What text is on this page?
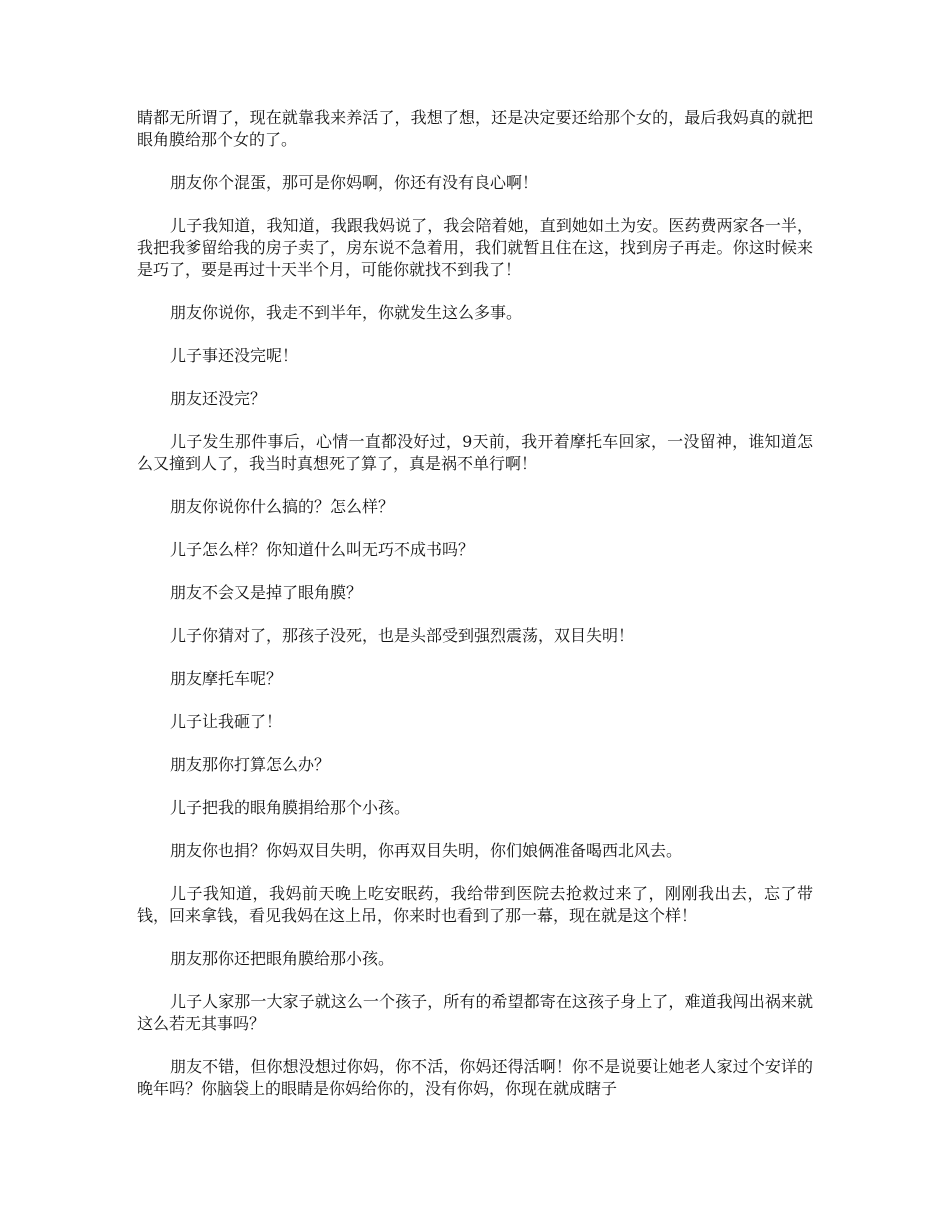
睛都无所谓了，现在就靠我来养活了，我想了想，还是决定要还给那个女的，最后我妈真的就把眼角膜给那个女的了。

朋友你个混蛋，那可是你妈啊，你还有没有良心啊！

儿子我知道，我知道，我跟我妈说了，我会陪着她，直到她如土为安。医药费两家各一半，我把我爹留给我的房子卖了，房东说不急着用，我们就暂且住在这，找到房子再走。你这时候来是巧了，要是再过十天半个月，可能你就找不到我了！

朋友你说你，我走不到半年，你就发生这么多事。

儿子事还没完呢！

朋友还没完？

儿子发生那件事后，心情一直都没好过，9天前，我开着摩托车回家，一没留神，谁知道怎么又撞到人了，我当时真想死了算了，真是祸不单行啊！

朋友你说你什么搞的？怎么样？

儿子怎么样？你知道什么叫无巧不成书吗？

朋友不会又是掉了眼角膜？

儿子你猜对了，那孩子没死，也是头部受到强烈震荡，双目失明！

朋友摩托车呢？

儿子让我砸了！

朋友那你打算怎么办？

儿子把我的眼角膜捐给那个小孩。

朋友你也捐？你妈双目失明，你再双目失明，你们娘俩准备喝西北风去。

儿子我知道，我妈前天晚上吃安眠药，我给带到医院去抢救过来了，刚刚我出去，忘了带钱，回来拿钱，看见我妈在这上吊，你来时也看到了那一幕，现在就是这个样！

朋友那你还把眼角膜给那小孩。

儿子人家那一大家子就这么一个孩子，所有的希望都寄在这孩子身上了，难道我闯出祸来就这么若无其事吗？

朋友不错，但你想没想过你妈，你不活，你妈还得活啊！你不是说要让她老人家过个安详的晚年吗？你脑袋上的眼睛是你妈给你的，没有你妈，你现在就成瞎子
